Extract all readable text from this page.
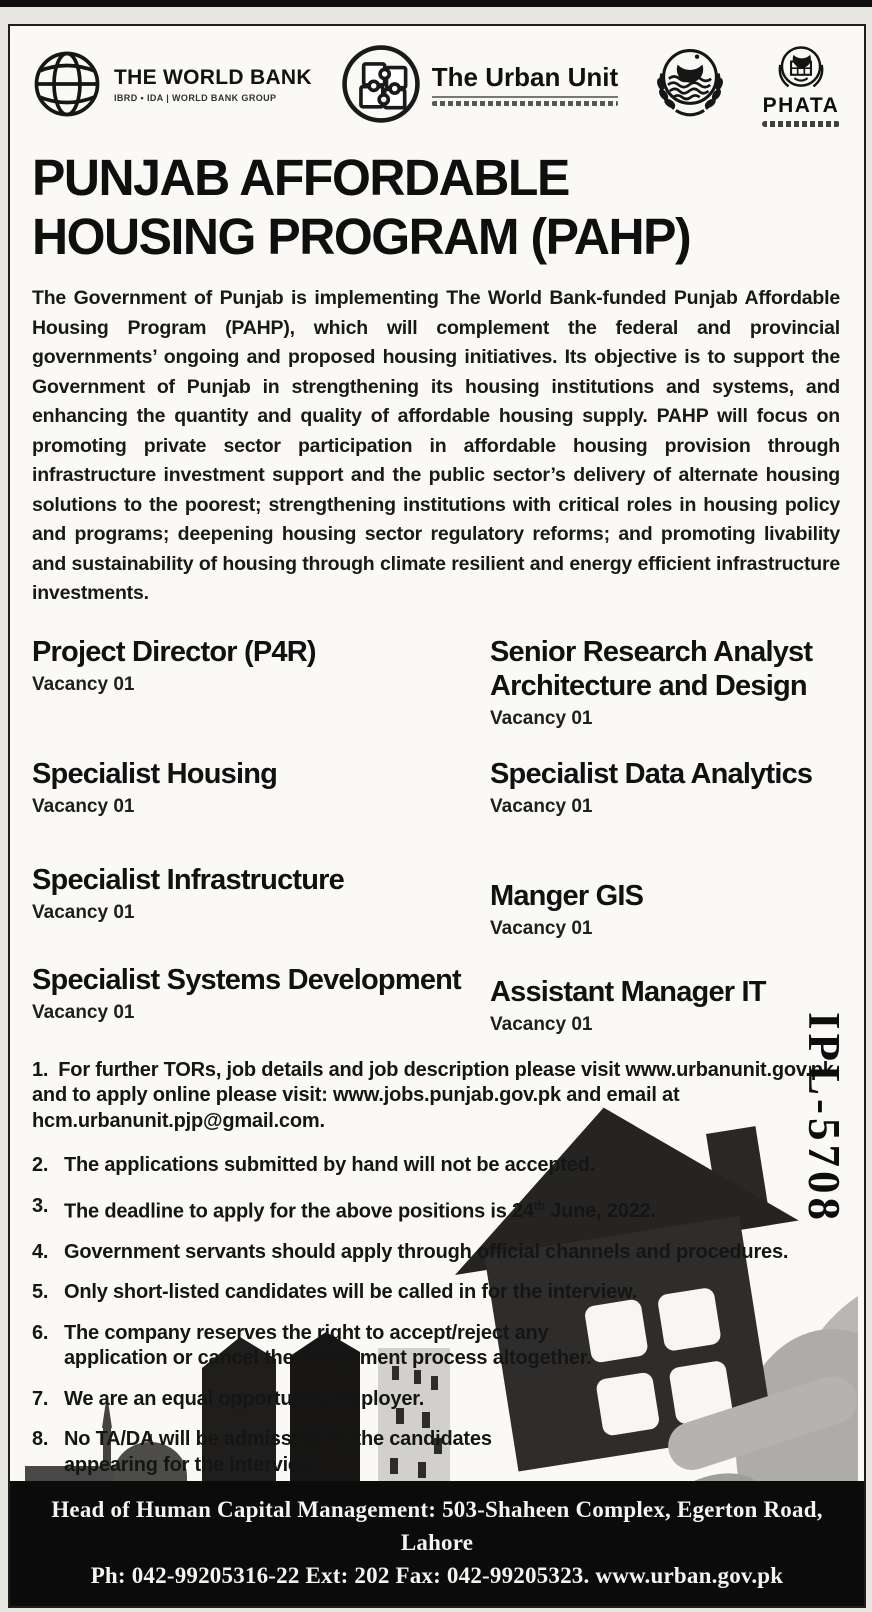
THE WORLD BANK
IBRD • IDA | WORLD BANK GROUP
The Urban Unit
PHATA
PUNJAB AFFORDABLE
HOUSING PROGRAM (PAHP)

The Government of Punjab is implementing The World Bank-funded Punjab Affordable Housing Program (PAHP), which will complement the federal and provincial governments’ ongoing and proposed housing initiatives. Its objective is to support the Government of Punjab in strengthening its housing institutions and systems, and enhancing the quantity and quality of affordable housing supply. PAHP will focus on promoting private sector participation in affordable housing provision through infrastructure investment support and the public sector’s delivery of alternate housing solutions to the poorest; strengthening institutions with critical roles in housing policy and programs; deepening housing sector regulatory reforms; and promoting livability and sustainability of housing through climate resilient and energy efficient infrastructure investments.

Project Director (P4R)
Vacancy 01
Senior Research Analyst Architecture and Design
Vacancy 01
Specialist Housing
Vacancy 01
Specialist Data Analytics
Vacancy 01
Specialist Infrastructure
Vacancy 01
Manger GIS
Vacancy 01
Specialist Systems Development
Vacancy 01
Assistant Manager IT
Vacancy 01
1. For further TORs, job details and job description please visit www.urbanunit.gov.pk and to apply online please visit: www.jobs.punjab.gov.pk and email at hcm.urbanunit.pjp@gmail.com.
2. The applications submitted by hand will not be accepted.
3. The deadline to apply for the above positions is 24th June, 2022.
4. Government servants should apply through official channels and procedures.
5. Only short-listed candidates will be called in for the interview.
6. The company reserves the right to accept/reject any application or cancel the recruitment process altogether.
7. We are an equal opportunity employer.
8. No TA/DA will be admissible to the candidates appearing for the interview.
IPL-5708
Head of Human Capital Management: 503-Shaheen Complex, Egerton Road, Lahore
Ph: 042-99205316-22 Ext: 202 Fax: 042-99205323. www.urban.gov.pk
